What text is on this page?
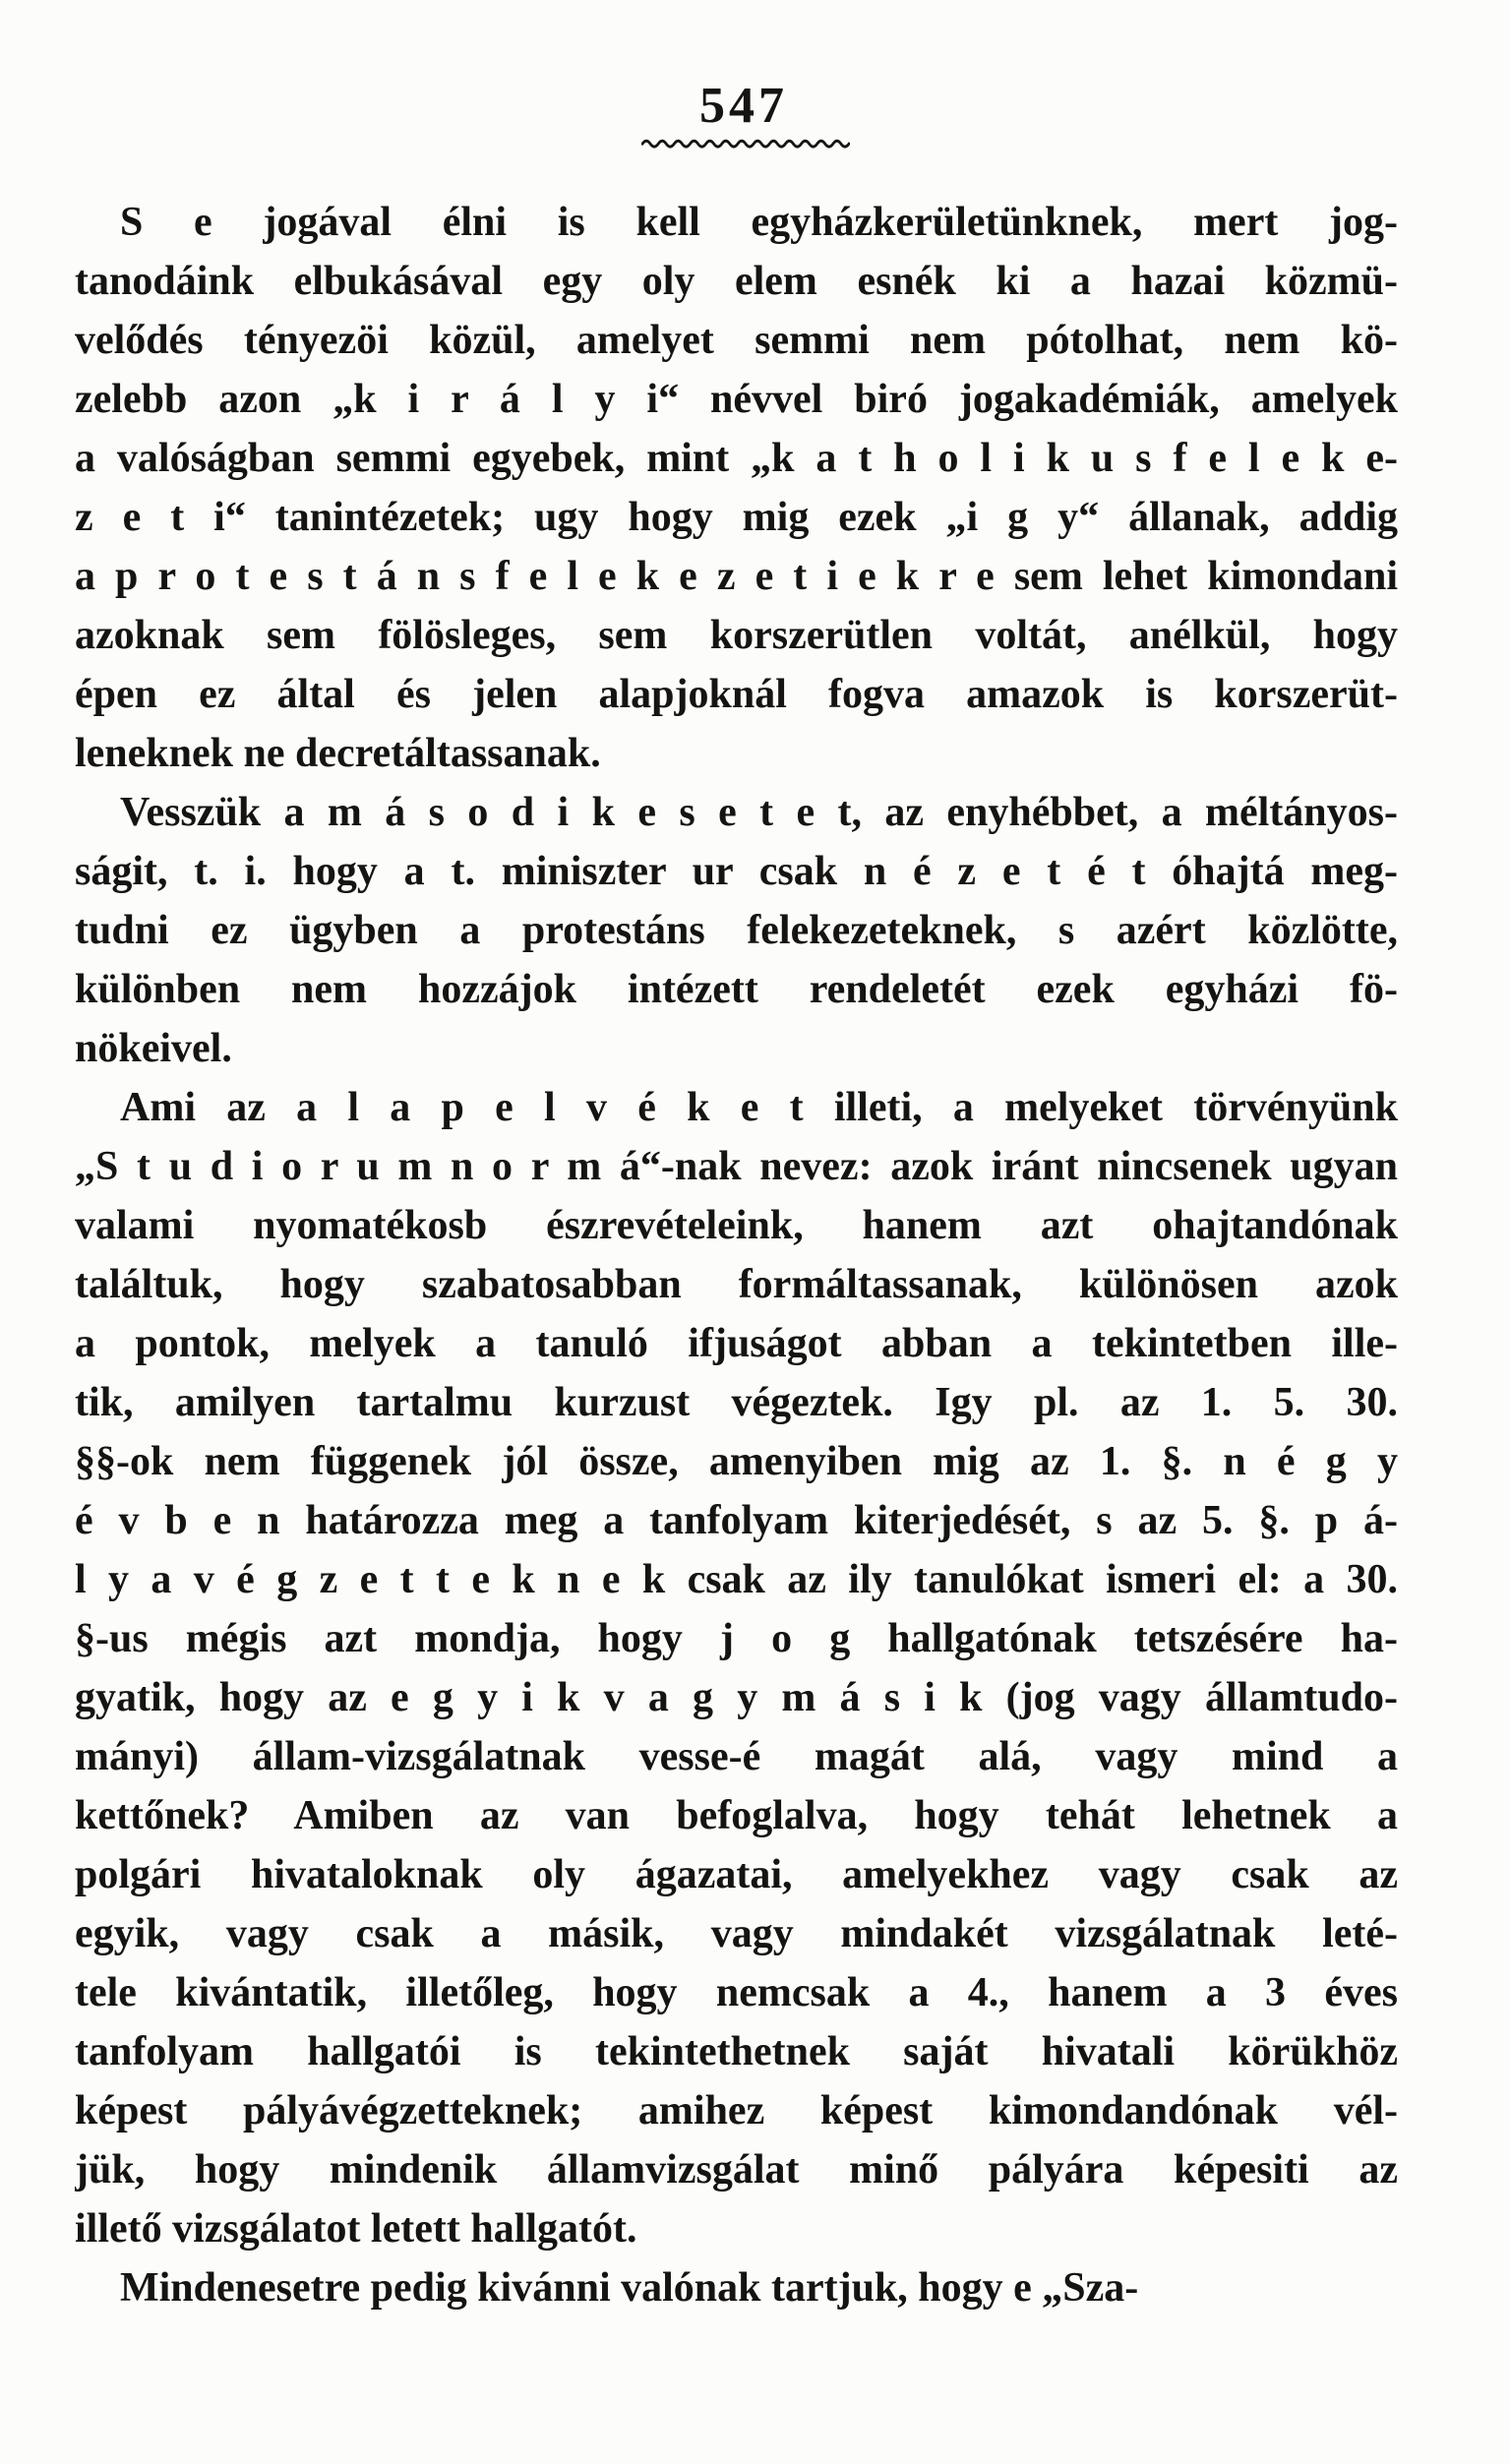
547
S e jogával élni is kell egyházkerületünknek, mert jog-
tanodáink elbukásával egy oly elem esnék ki a hazai közmü-
velődés tényezöi közül, amelyet semmi nem pótolhat, nem kö-
zelebb azon „k i r á l y i“ névvel biró jogakadémiák, amelyek
a valóságban semmi egyebek, mint „k a t h o l i k u s f e l e k e-
z e t i“ tanintézetek; ugy hogy mig ezek „i g y“ állanak, addig
a p r o t e s t á n s f e l e k e z e t i e k r e sem lehet kimondani
azoknak sem fölösleges, sem korszerütlen voltát, anélkül, hogy
épen ez által és jelen alapjoknál fogva amazok is korszerüt-
leneknek ne decretáltassanak.
Vesszük a m á s o d i k e s e t e t, az enyhébbet, a méltányos-
ságit, t. i. hogy a t. miniszter ur csak n é z e t é t óhajtá meg-
tudni ez ügyben a protestáns felekezeteknek, s azért közlötte,
különben nem hozzájok intézett rendeletét ezek egyházi fö-
nökeivel.
Ami az a l a p e l v é k e t illeti, a melyeket törvényünk
„S t u d i o r u m n o r m á“-nak nevez: azok iránt nincsenek ugyan
valami nyomatékosb észrevételeink, hanem azt ohajtandónak
találtuk, hogy szabatosabban formáltassanak, különösen azok
a pontok, melyek a tanuló ifjuságot abban a tekintetben ille-
tik, amilyen tartalmu kurzust végeztek. Igy pl. az 1. 5. 30.
§§-ok nem függenek jól össze, amenyiben mig az 1. §. n é g y
é v b e n határozza meg a tanfolyam kiterjedését, s az 5. §. p á-
l y a v é g z e t t e k n e k csak az ily tanulókat ismeri el: a 30.
§-us mégis azt mondja, hogy j o g hallgatónak tetszésére ha-
gyatik, hogy az e g y i k v a g y m á s i k (jog vagy államtudo-
mányi) állam-vizsgálatnak vesse-é magát alá, vagy mind a
kettőnek? Amiben az van befoglalva, hogy tehát lehetnek a
polgári hivataloknak oly ágazatai, amelyekhez vagy csak az
egyik, vagy csak a másik, vagy mindakét vizsgálatnak leté-
tele kivántatik, illetőleg, hogy nemcsak a 4., hanem a 3 éves
tanfolyam hallgatói is tekintethetnek saját hivatali körükhöz
képest pályávégzetteknek; amihez képest kimondandónak vél-
jük, hogy mindenik államvizsgálat minő pályára képesiti az
illető vizsgálatot letett hallgatót.
Mindenesetre pedig kivánni valónak tartjuk, hogy e „Sza-
